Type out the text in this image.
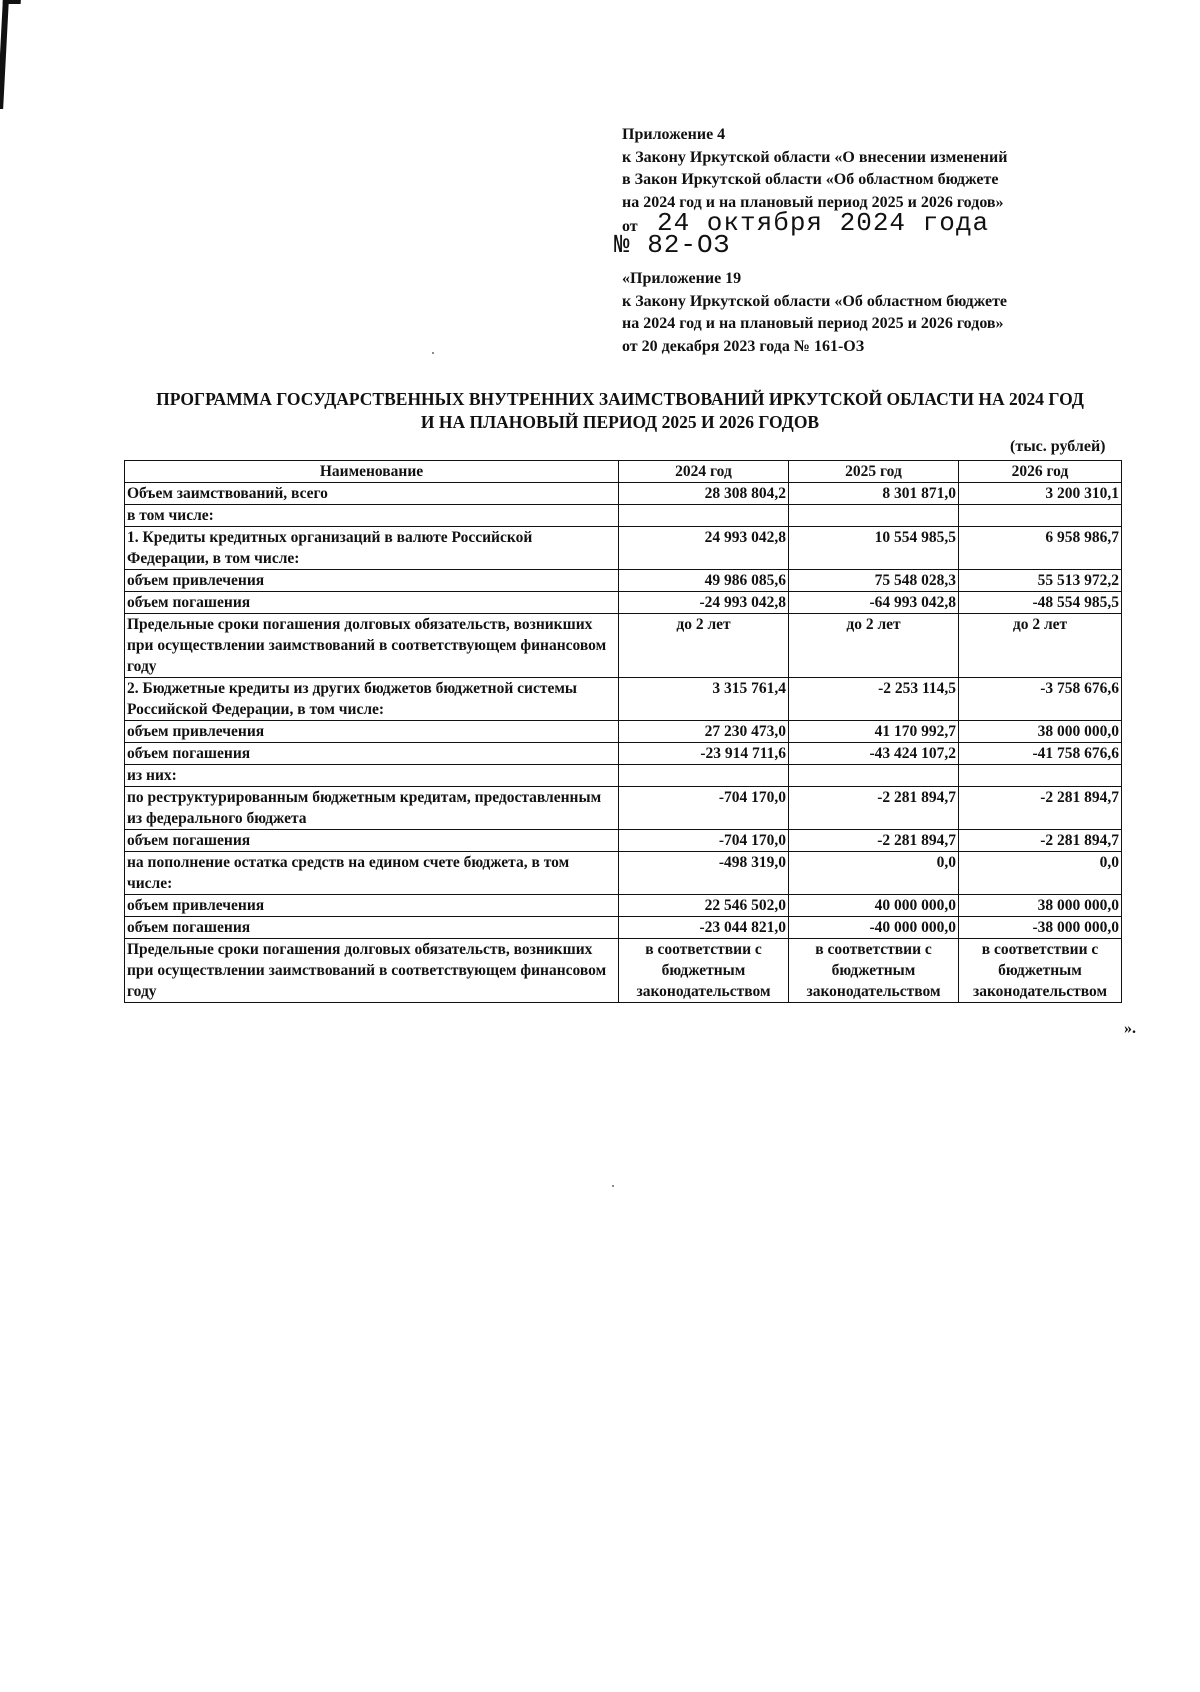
Приложение 4
к Закону Иркутской области «О внесении изменений
в Закон Иркутской области «Об областном бюджете
на 2024 год и на плановый период 2025 и 2026 годов»
от 24 октября 2024 года
№ 82-ОЗ
«Приложение 19
к Закону Иркутской области «Об областном бюджете
на 2024 год и на плановый период 2025 и 2026 годов»
от 20 декабря 2023 года № 161-ОЗ
ПРОГРАММА ГОСУДАРСТВЕННЫХ ВНУТРЕННИХ ЗАИМСТВОВАНИЙ ИРКУТСКОЙ ОБЛАСТИ НА 2024 ГОД
И НА ПЛАНОВЫЙ ПЕРИОД 2025 И 2026 ГОДОВ
(тыс. рублей)
Наименование	2024 год	2025 год	2026 год
Объем заимствований, всего	28 308 804,2	8 301 871,0	3 200 310,1
в том числе:			
1. Кредиты кредитных организаций в валюте Российской Федерации, в том числе:	24 993 042,8	10 554 985,5	6 958 986,7
объем привлечения	49 986 085,6	75 548 028,3	55 513 972,2
объем погашения	-24 993 042,8	-64 993 042,8	-48 554 985,5
Предельные сроки погашения долговых обязательств, возникших при осуществлении заимствований в соответствующем финансовом году	до 2 лет	до 2 лет	до 2 лет
2. Бюджетные кредиты из других бюджетов бюджетной системы Российской Федерации, в том числе:	3 315 761,4	-2 253 114,5	-3 758 676,6
объем привлечения	27 230 473,0	41 170 992,7	38 000 000,0
объем погашения	-23 914 711,6	-43 424 107,2	-41 758 676,6
из них:			
по реструктурированным бюджетным кредитам, предоставленным из федерального бюджета	-704 170,0	-2 281 894,7	-2 281 894,7
объем погашения	-704 170,0	-2 281 894,7	-2 281 894,7
на пополнение остатка средств на едином счете бюджета, в том числе:	-498 319,0	0,0	0,0
объем привлечения	22 546 502,0	40 000 000,0	38 000 000,0
объем погашения	-23 044 821,0	-40 000 000,0	-38 000 000,0
Предельные сроки погашения долговых обязательств, возникших при осуществлении заимствований в соответствующем финансовом году	в соответствии с бюджетным законодательством	в соответствии с бюджетным законодательством	в соответствии с бюджетным законодательством
».
